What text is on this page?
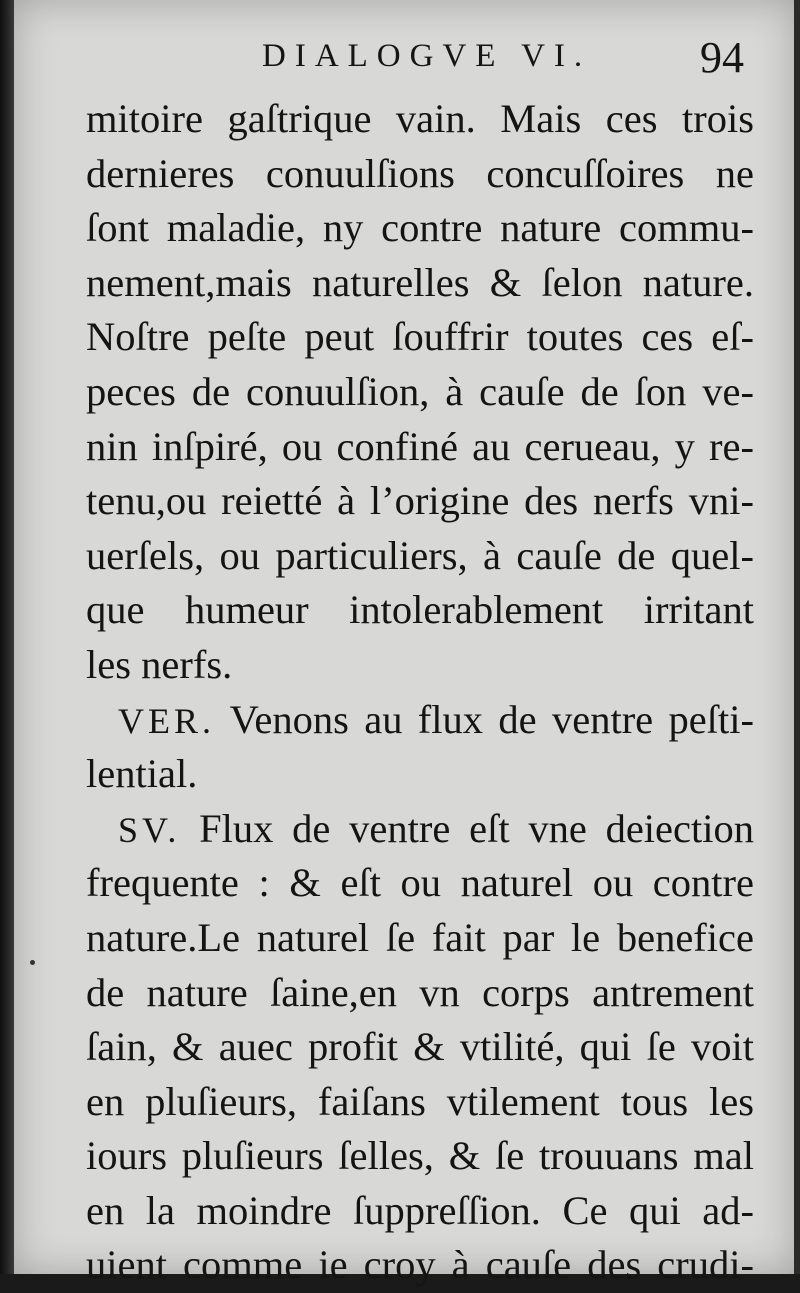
DIALOGVE VI. 94
mitoire gaſtrique vain. Mais ces trois
dernieres conuulſions concuſſoires ne
ſont maladie, ny contre nature commu-
nement,mais naturelles & ſelon nature.
Noſtre peſte peut ſouffrir toutes ces eſ-
peces de conuulſion, à cauſe de ſon ve-
nin inſpiré, ou confiné au cerueau, y re-
tenu,ou reietté à l’origine des nerfs vni-
uerſels, ou particuliers, à cauſe de quel-
que humeur intolerablement irritant
les nerfs.
VER. Venons au flux de ventre peſti-
lential.
SV. Flux de ventre eſt vne deiection
frequente : & eſt ou naturel ou contre
nature.Le naturel ſe fait par le benefice
de nature ſaine,en vn corps antrement
ſain, & auec profit & vtilité, qui ſe voit
en pluſieurs, faiſans vtilement tous les
iours pluſieurs ſelles, & ſe trouuans mal
en la moindre ſuppreſſion. Ce qui ad-
uient comme ie croy à cauſe des crudi-
